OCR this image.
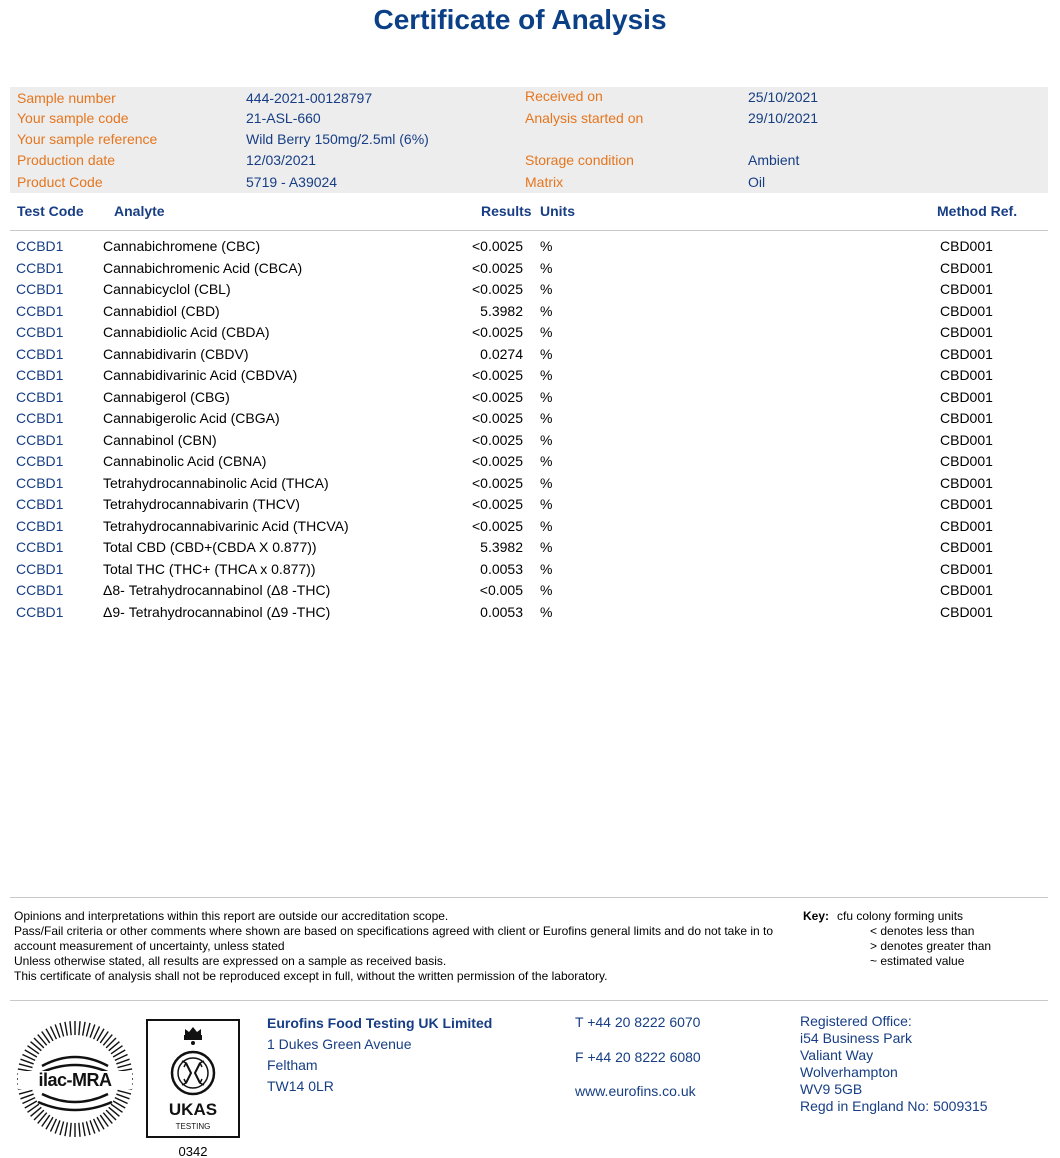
Certificate of Analysis
Sample number	444-2021-00128797
Your sample code	21-ASL-660
Your sample reference	Wild Berry 150mg/2.5ml (6%)
Production date	12/03/2021
Product Code	5719 - A39024
Received on	25/10/2021
Analysis started on	29/10/2021
Storage condition	Ambient
Matrix	Oil
Test Code Analyte	Results Units	Method Ref.
CCBD1	Cannabichromene (CBC)	<0.0025 %	CBD001
CCBD1	Cannabichromenic Acid (CBCA)	<0.0025 %	CBD001
CCBD1	Cannabicyclol (CBL)	<0.0025 %	CBD001
CCBD1	Cannabidiol (CBD)	5.3982 %	CBD001
CCBD1	Cannabidiolic Acid (CBDA)	<0.0025 %	CBD001
CCBD1	Cannabidivarin (CBDV)	0.0274 %	CBD001
CCBD1	Cannabidivarinic Acid (CBDVA)	<0.0025 %	CBD001
CCBD1	Cannabigerol (CBG)	<0.0025 %	CBD001
CCBD1	Cannabigerolic Acid (CBGA)	<0.0025 %	CBD001
CCBD1	Cannabinol (CBN)	<0.0025 %	CBD001
CCBD1	Cannabinolic Acid (CBNA)	<0.0025 %	CBD001
CCBD1	Tetrahydrocannabinolic Acid (THCA)	<0.0025 %	CBD001
CCBD1	Tetrahydrocannabivarin (THCV)	<0.0025 %	CBD001
CCBD1	Tetrahydrocannabivarinic Acid (THCVA)	<0.0025 %	CBD001
CCBD1	Total CBD (CBD+(CBDA X 0.877))	5.3982 %	CBD001
CCBD1	Total THC (THC+ (THCA x 0.877))	0.0053 %	CBD001
CCBD1	Δ8- Tetrahydrocannabinol (Δ8 -THC)	<0.005 %	CBD001
CCBD1	Δ9- Tetrahydrocannabinol (Δ9 -THC)	0.0053 %	CBD001
Opinions and interpretations within this report are outside our accreditation scope.
Pass/Fail criteria or other comments where shown are based on specifications agreed with client or Eurofins general limits and do not take in to account measurement of uncertainty, unless stated
Unless otherwise stated, all results are expressed on a sample as received basis.
This certificate of analysis shall not be reproduced except in full, without the written permission of the laboratory.
Key: cfu colony forming units
< denotes less than
> denotes greater than
~ estimated value
ilac-MRA
UKAS
TESTING
0342
Eurofins Food Testing UK Limited
1 Dukes Green Avenue
Feltham
TW14 0LR
T +44 20 8222 6070
F +44 20 8222 6080
www.eurofins.co.uk
Registered Office:
i54 Business Park
Valiant Way
Wolverhampton
WV9 5GB
Regd in England No: 5009315
